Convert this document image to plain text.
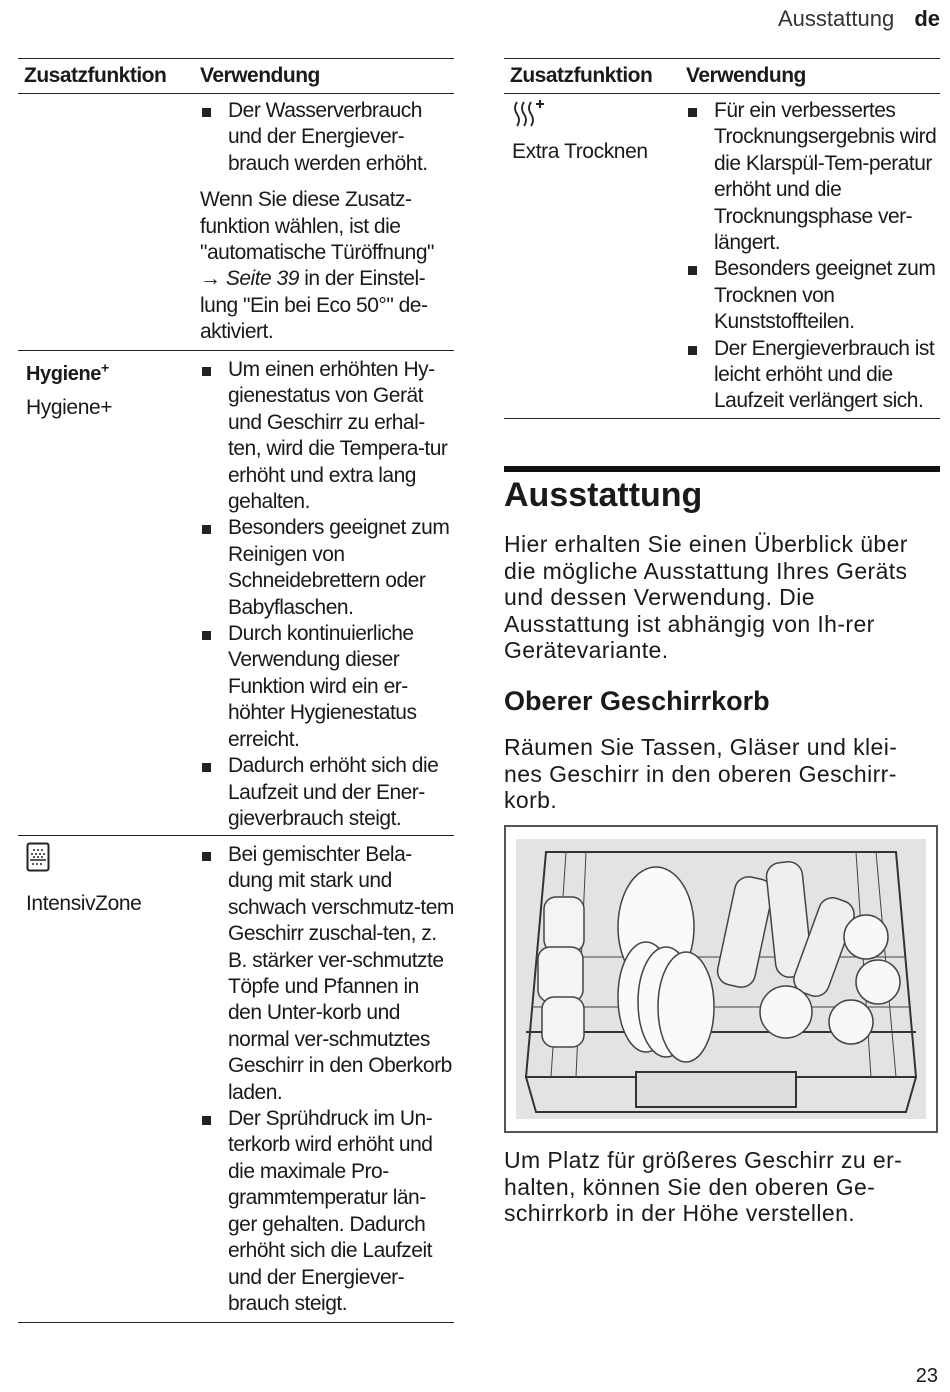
Ausstattung de
Zusatzfunktion Verwendung
Der Wasserverbrauch und der Energiever-brauch werden erhöht.

Wenn Sie diese Zusatz-funktion wählen, ist die "automatische Türöffnung" → Seite 39 in der Einstel-lung "Ein bei Eco 50°" de-aktiviert.

Hygiene+
Hygiene+
Um einen erhöhten Hy-gienestatus von Gerät und Geschirr zu erhal-ten, wird die Tempera-tur erhöht und extra lang gehalten.
Besonders geeignet zum Reinigen von Schneidebrettern oder Babyflaschen.
Durch kontinuierliche Verwendung dieser Funktion wird ein er-höhter Hygienestatus erreicht.
Dadurch erhöht sich die Laufzeit und der Ener-gieverbrauch steigt.
IntensivZone
Bei gemischter Bela-dung mit stark und schwach verschmutz-tem Geschirr zuschal-ten, z. B. stärker ver-schmutzte Töpfe und Pfannen in den Unter-korb und normal ver-schmutztes Geschirr in den Oberkorb laden.
Der Sprühdruck im Un-terkorb wird erhöht und die maximale Pro-grammtemperatur län-ger gehalten. Dadurch erhöht sich die Laufzeit und der Energiever-brauch steigt.
Zusatzfunktion Verwendung
Extra Trocknen
Für ein verbessertes Trocknungsergebnis wird die Klarspül-Tem-peratur erhöht und die Trocknungsphase ver-längert.
Besonders geeignet zum Trocknen von Kunststoffteilen.
Der Energieverbrauch ist leicht erhöht und die Laufzeit verlängert sich.
Ausstattung

Hier erhalten Sie einen Überblick über die mögliche Ausstattung Ihres Geräts und dessen Verwendung. Die Ausstattung ist abhängig von Ih-rer Gerätevariante.

Oberer Geschirrkorb

Räumen Sie Tassen, Gläser und klei-nes Geschirr in den oberen Geschirr-korb.

Um Platz für größeres Geschirr zu er-halten, können Sie den oberen Ge-schirrkorb in der Höhe verstellen.

23
